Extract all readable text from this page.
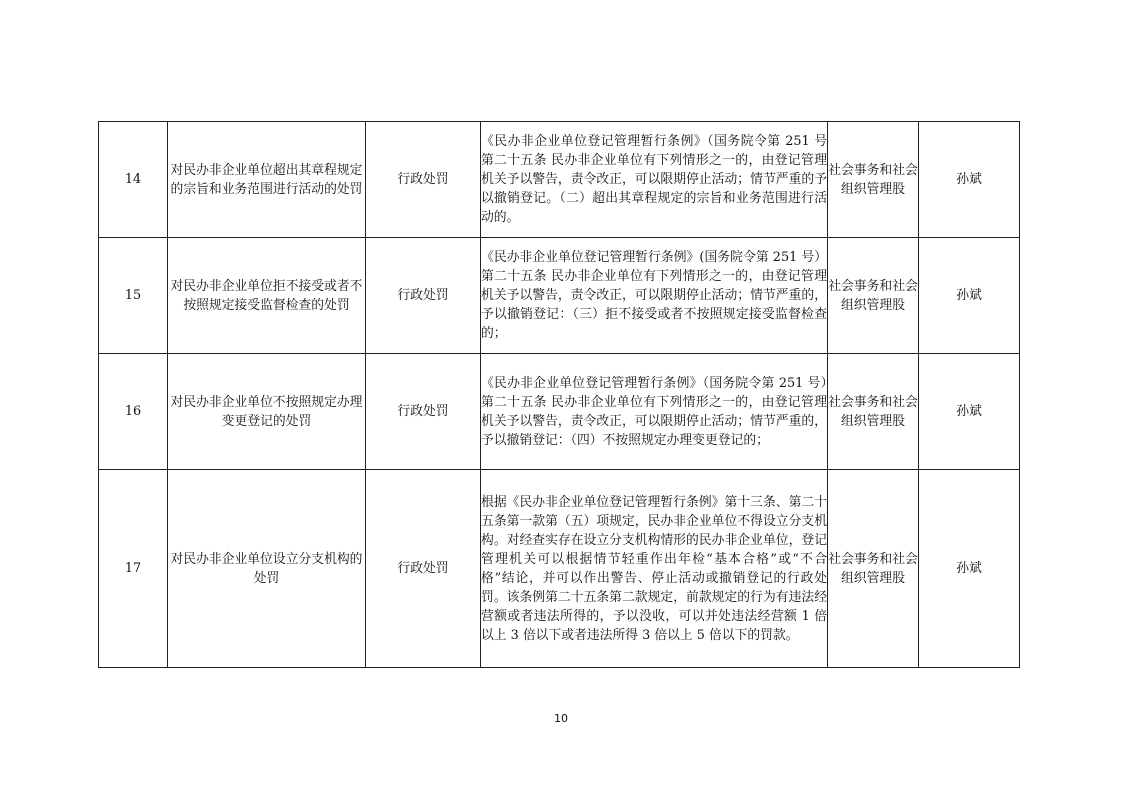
14	对民办非企业单位超出其章程规定的宗旨和业务范围进行活动的处罚	行政处罚	《民办非企业单位登记管理暂行条例》（国务院令第 251 号第二十五条 民办非企业单位有下列情形之一的，由登记管理机关予以警告，责令改正，可以限期停止活动；情节严重的予以撤销登记。（二）超出其章程规定的宗旨和业务范围进行活动的。	社会事务和社会组织管理股	孙斌
15	对民办非企业单位拒不接受或者不按照规定接受监督检查的处罚	行政处罚	《民办非企业单位登记管理暂行条例》(国务院令第 251 号）第二十五条 民办非企业单位有下列情形之一的，由登记管理机关予以警告，责令改正，可以限期停止活动；情节严重的，予以撤销登记：（三）拒不接受或者不按照规定接受监督检查的；	社会事务和社会组织管理股	孙斌
16	对民办非企业单位不按照规定办理变更登记的处罚	行政处罚	《民办非企业单位登记管理暂行条例》（国务院令第 251 号）第二十五条 民办非企业单位有下列情形之一的，由登记管理机关予以警告，责令改正，可以限期停止活动；情节严重的，予以撤销登记：（四）不按照规定办理变更登记的；	社会事务和社会组织管理股	孙斌
17	对民办非企业单位设立分支机构的处罚	行政处罚	根据《民办非企业单位登记管理暂行条例》第十三条、第二十五条第一款第（五）项规定，民办非企业单位不得设立分支机构。对经查实存在设立分支机构情形的民办非企业单位，登记管理机关可以根据情节轻重作出年检“基本合格”或“不合格”结论，并可以作出警告、停止活动或撤销登记的行政处罚。该条例第二十五条第二款规定，前款规定的行为有违法经营额或者违法所得的，予以没收，可以并处违法经营额 1 倍以上 3 倍以下或者违法所得 3 倍以上 5 倍以下的罚款。	社会事务和社会组织管理股	孙斌
10
